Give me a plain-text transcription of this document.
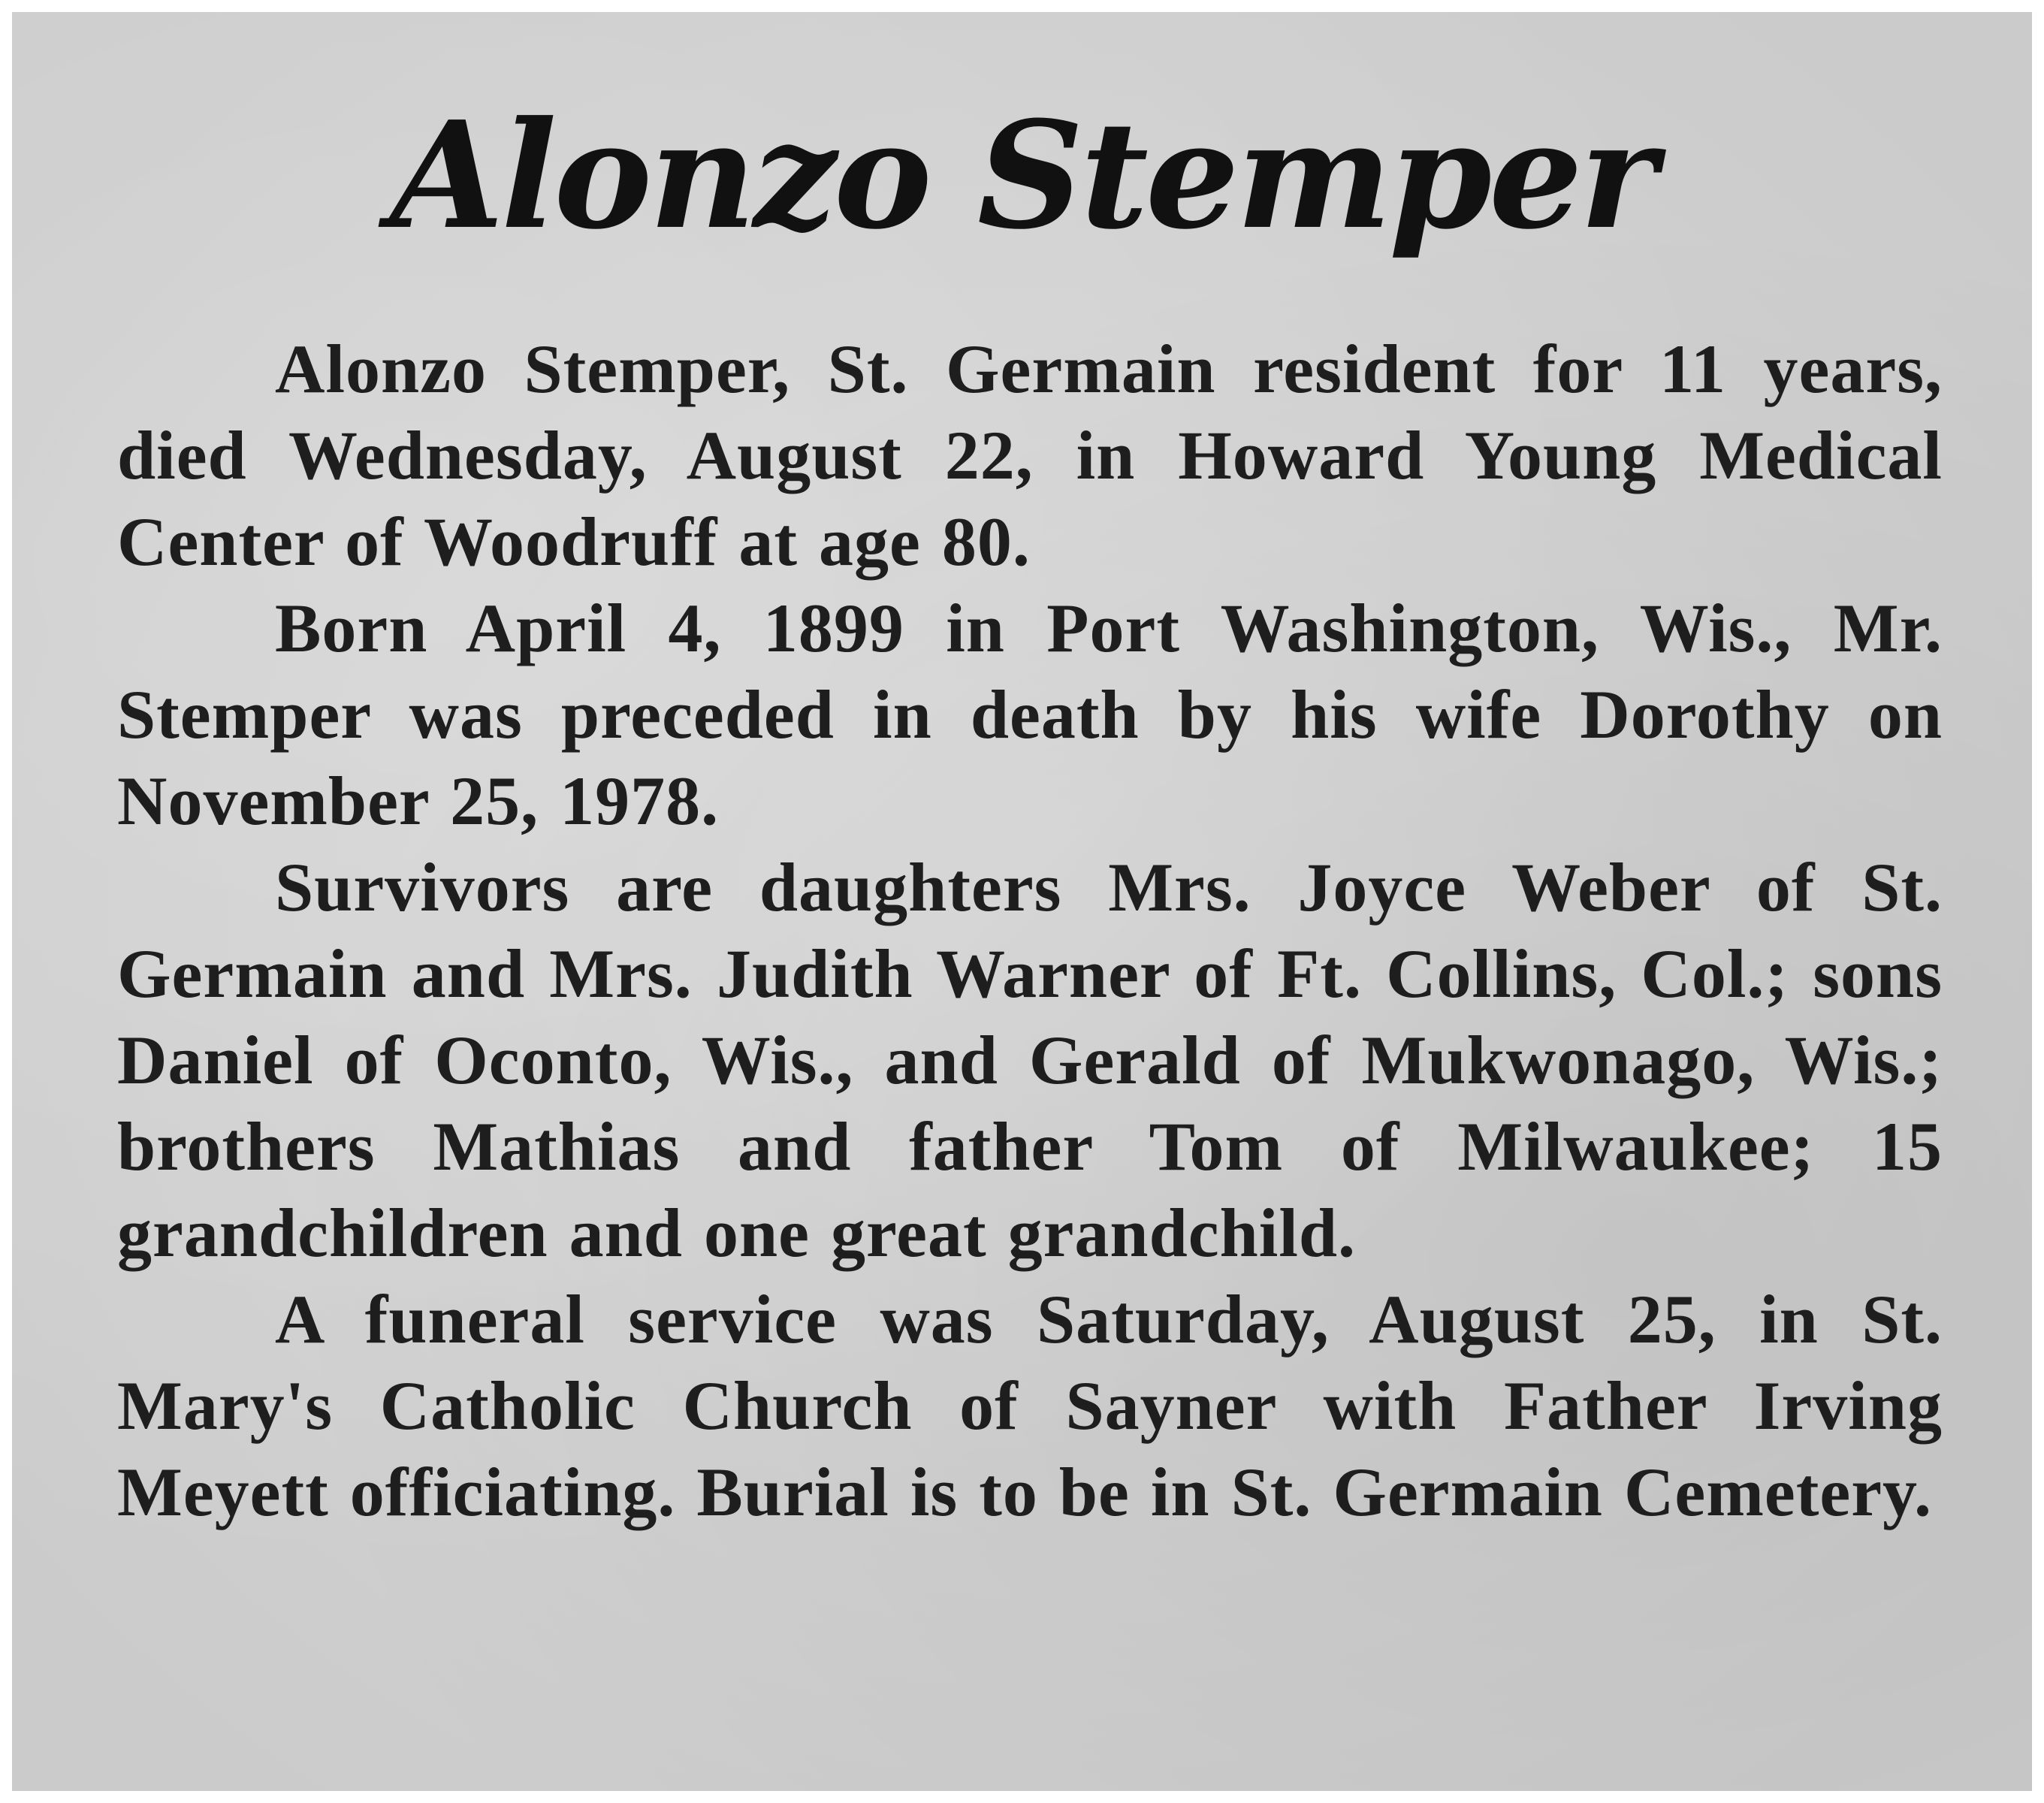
Alonzo Stemper

Alonzo Stemper, St. Germain resident for 11 years, died Wednesday, August 22, in Howard Young Medical Center of Woodruff at age 80.

Born April 4, 1899 in Port Washington, Wis., Mr. Stemper was preceded in death by his wife Dorothy on November 25, 1978.

Survivors are daughters Mrs. Joyce Weber of St. Germain and Mrs. Judith Warner of Ft. Collins, Col.; sons Daniel of Oconto, Wis., and Gerald of Mukwonago, Wis.; brothers Mathias and father Tom of Milwaukee; 15 grandchildren and one great grandchild.

A funeral service was Saturday, August 25, in St. Mary's Catholic Church of Sayner with Father Irving Meyett officiating. Burial is to be in St. Germain Cemetery.
